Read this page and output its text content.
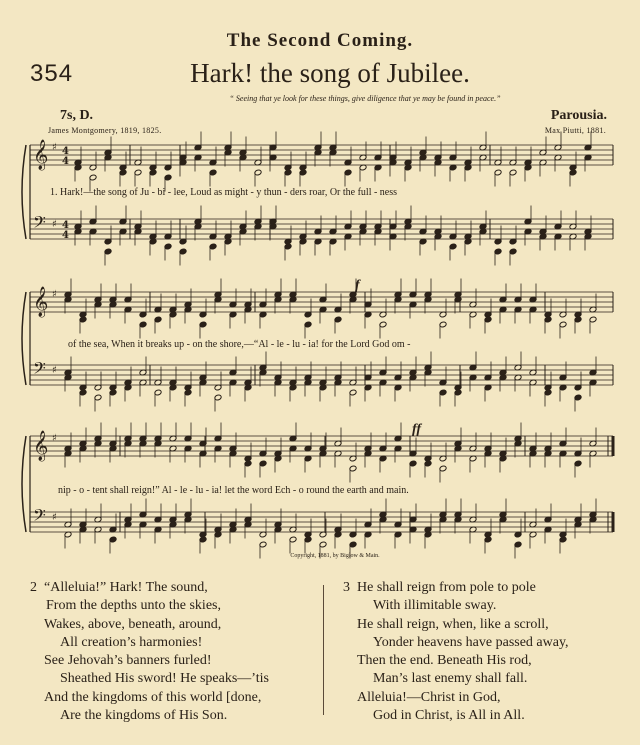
The Second Coming.
354	Hark! the song of Jubilee.
“ Seeing that ye look for these things, give diligence that ye may be found in peace.”
7s, D.	Parousia.
James Montgomery, 1819, 1825.	Max Piutti, 1881.
𝄞 ♯ 4
4
𝄢 ♯ 4
4
𝄞 ♯
𝄢 ♯
𝄞 ♯
𝄢 ♯
1. Hark!—the song of Ju - bi - lee, Loud as might - y thun - ders roar, Or the full - ness
of the sea, When it breaks up - on the shore,—“Al - le - lu - ia! for the Lord God om -
nip - o - tent shall reign!” Al - le - lu - ia! let the word Ech - o round the earth and main.
f
ff
Copyright, 1881, by Biglow & Main.
2 “Alleluia!” Hark! The sound,
From the depths unto the skies,
Wakes, above, beneath, around,
All creation’s harmonies!
See Jehovah’s banners furled!
Sheathed His sword! He speaks—’tis
And the kingdoms of this world [done,
Are the kingdoms of His Son.
3 He shall reign from pole to pole
With illimitable sway.
He shall reign, when, like a scroll,
Yonder heavens have passed away,
Then the end. Beneath His rod,
Man’s last enemy shall fall.
Alleluia!—Christ in God,
God in Christ, is All in All.
